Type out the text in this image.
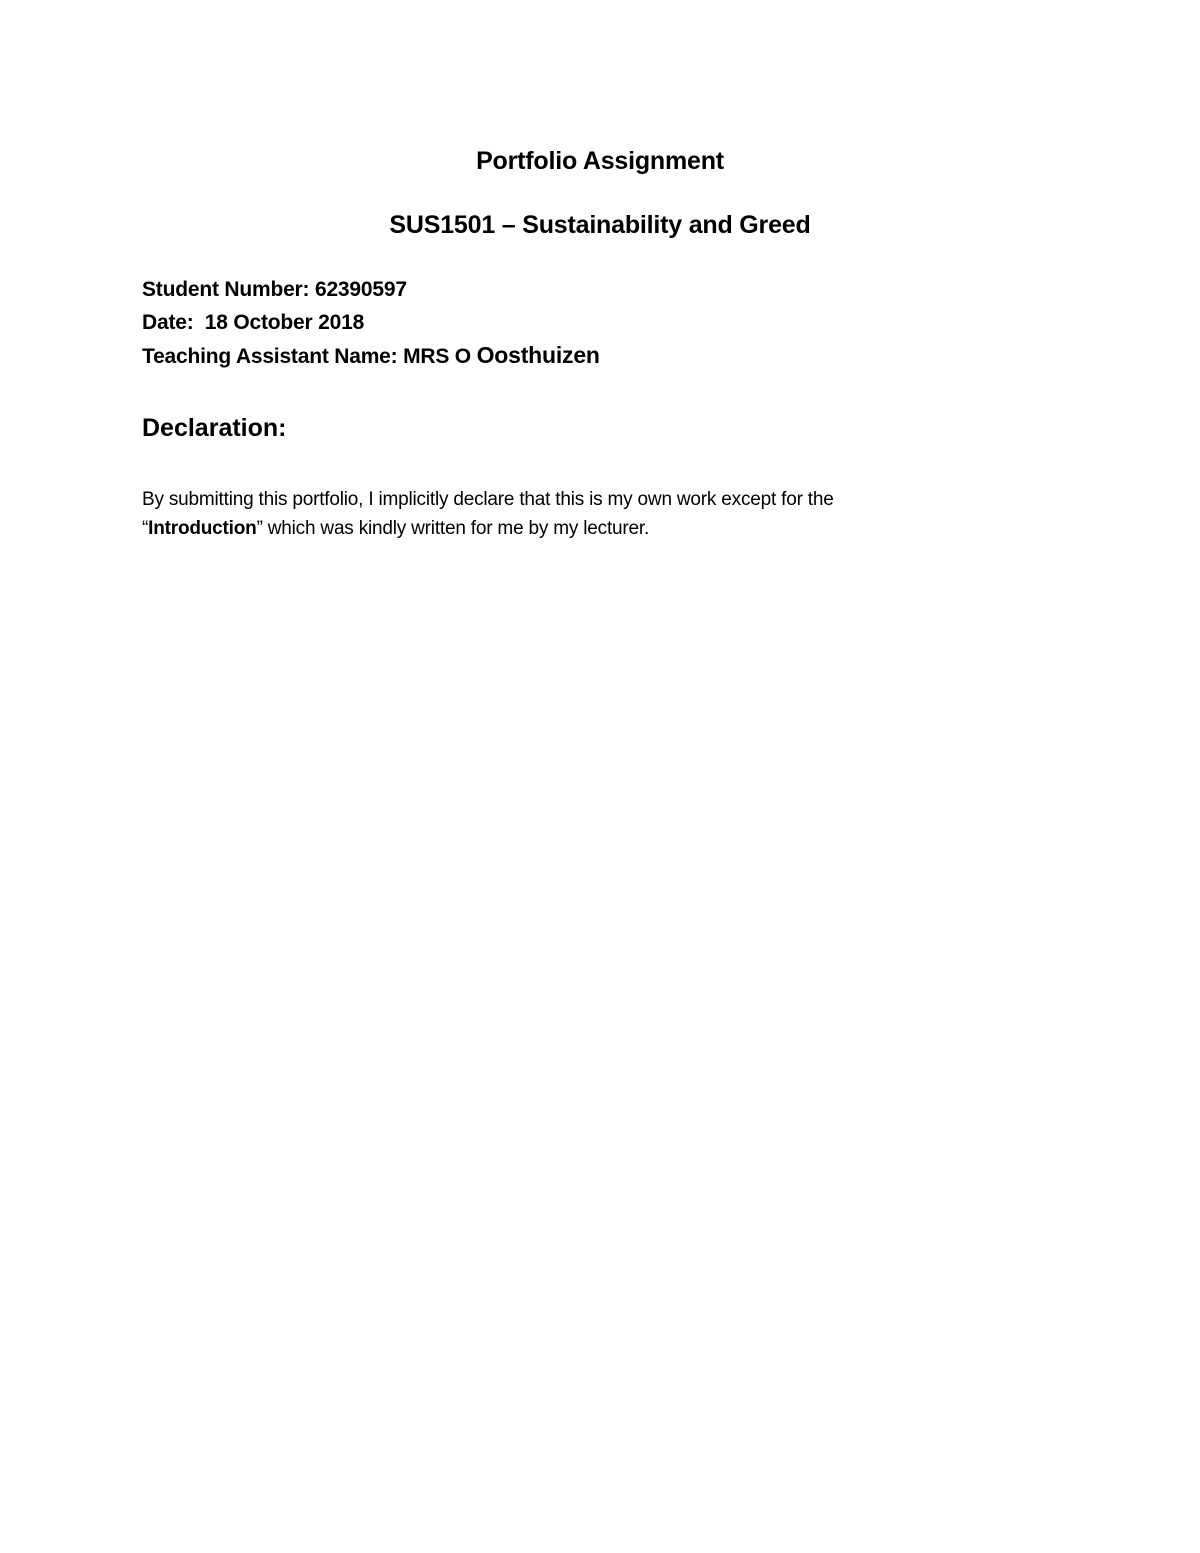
Portfolio Assignment
SUS1501 – Sustainability and Greed
Student Number: 62390597
Date: 18 October 2018
Teaching Assistant Name: MRS O Oosthuizen
Declaration:

By submitting this portfolio, I implicitly declare that this is my own work except for the
“Introduction” which was kindly written for me by my lecturer.
